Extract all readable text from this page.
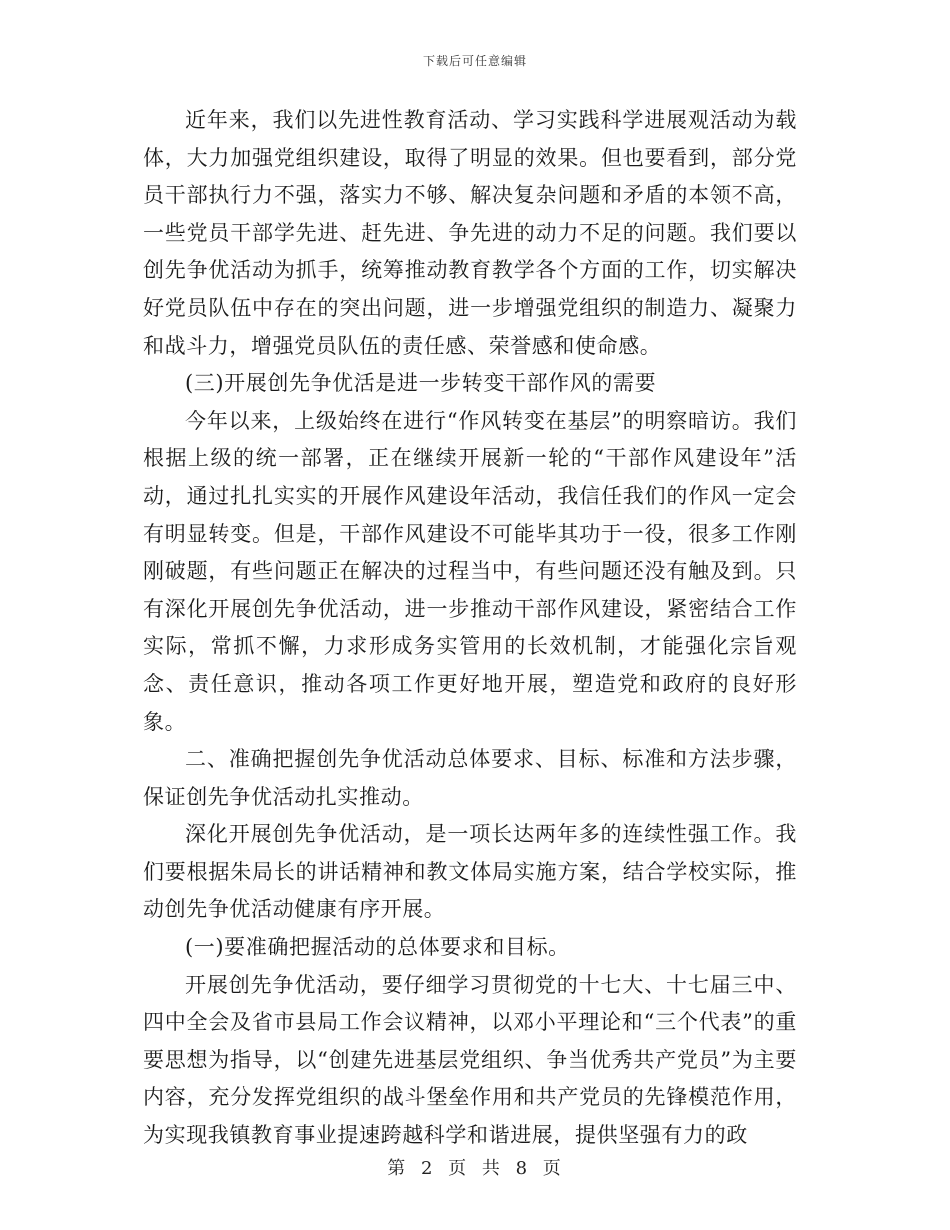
下载后可任意编辑

近年来，我们以先进性教育活动、学习实践科学进展观活动为载体，大力加强党组织建设，取得了明显的效果。但也要看到，部分党员干部执行力不强，落实力不够、解决复杂问题和矛盾的本领不高，一些党员干部学先进、赶先进、争先进的动力不足的问题。我们要以创先争优活动为抓手，统筹推动教育教学各个方面的工作，切实解决好党员队伍中存在的突出问题，进一步增强党组织的制造力、凝聚力和战斗力，增强党员队伍的责任感、荣誉感和使命感。

(三)开展创先争优活是进一步转变干部作风的需要

今年以来，上级始终在进行“作风转变在基层”的明察暗访。我们根据上级的统一部署，正在继续开展新一轮的“干部作风建设年”活动，通过扎扎实实的开展作风建设年活动，我信任我们的作风一定会有明显转变。但是，干部作风建设不可能毕其功于一役，很多工作刚刚破题，有些问题正在解决的过程当中，有些问题还没有触及到。只有深化开展创先争优活动，进一步推动干部作风建设，紧密结合工作实际，常抓不懈，力求形成务实管用的长效机制，才能强化宗旨观念、责任意识，推动各项工作更好地开展，塑造党和政府的良好形象。

二、准确把握创先争优活动总体要求、目标、标准和方法步骤，保证创先争优活动扎实推动。

深化开展创先争优活动，是一项长达两年多的连续性强工作。我们要根据朱局长的讲话精神和教文体局实施方案，结合学校实际，推动创先争优活动健康有序开展。

(一)要准确把握活动的总体要求和目标。

开展创先争优活动，要仔细学习贯彻党的十七大、十七届三中、四中全会及省市县局工作会议精神，以邓小平理论和“三个代表”的重要思想为指导，以“创建先进基层党组织、争当优秀共产党员”为主要内容，充分发挥党组织的战斗堡垒作用和共产党员的先锋模范作用，为实现我镇教育事业提速跨越科学和谐进展，提供坚强有力的政

第 2 页 共 8 页
